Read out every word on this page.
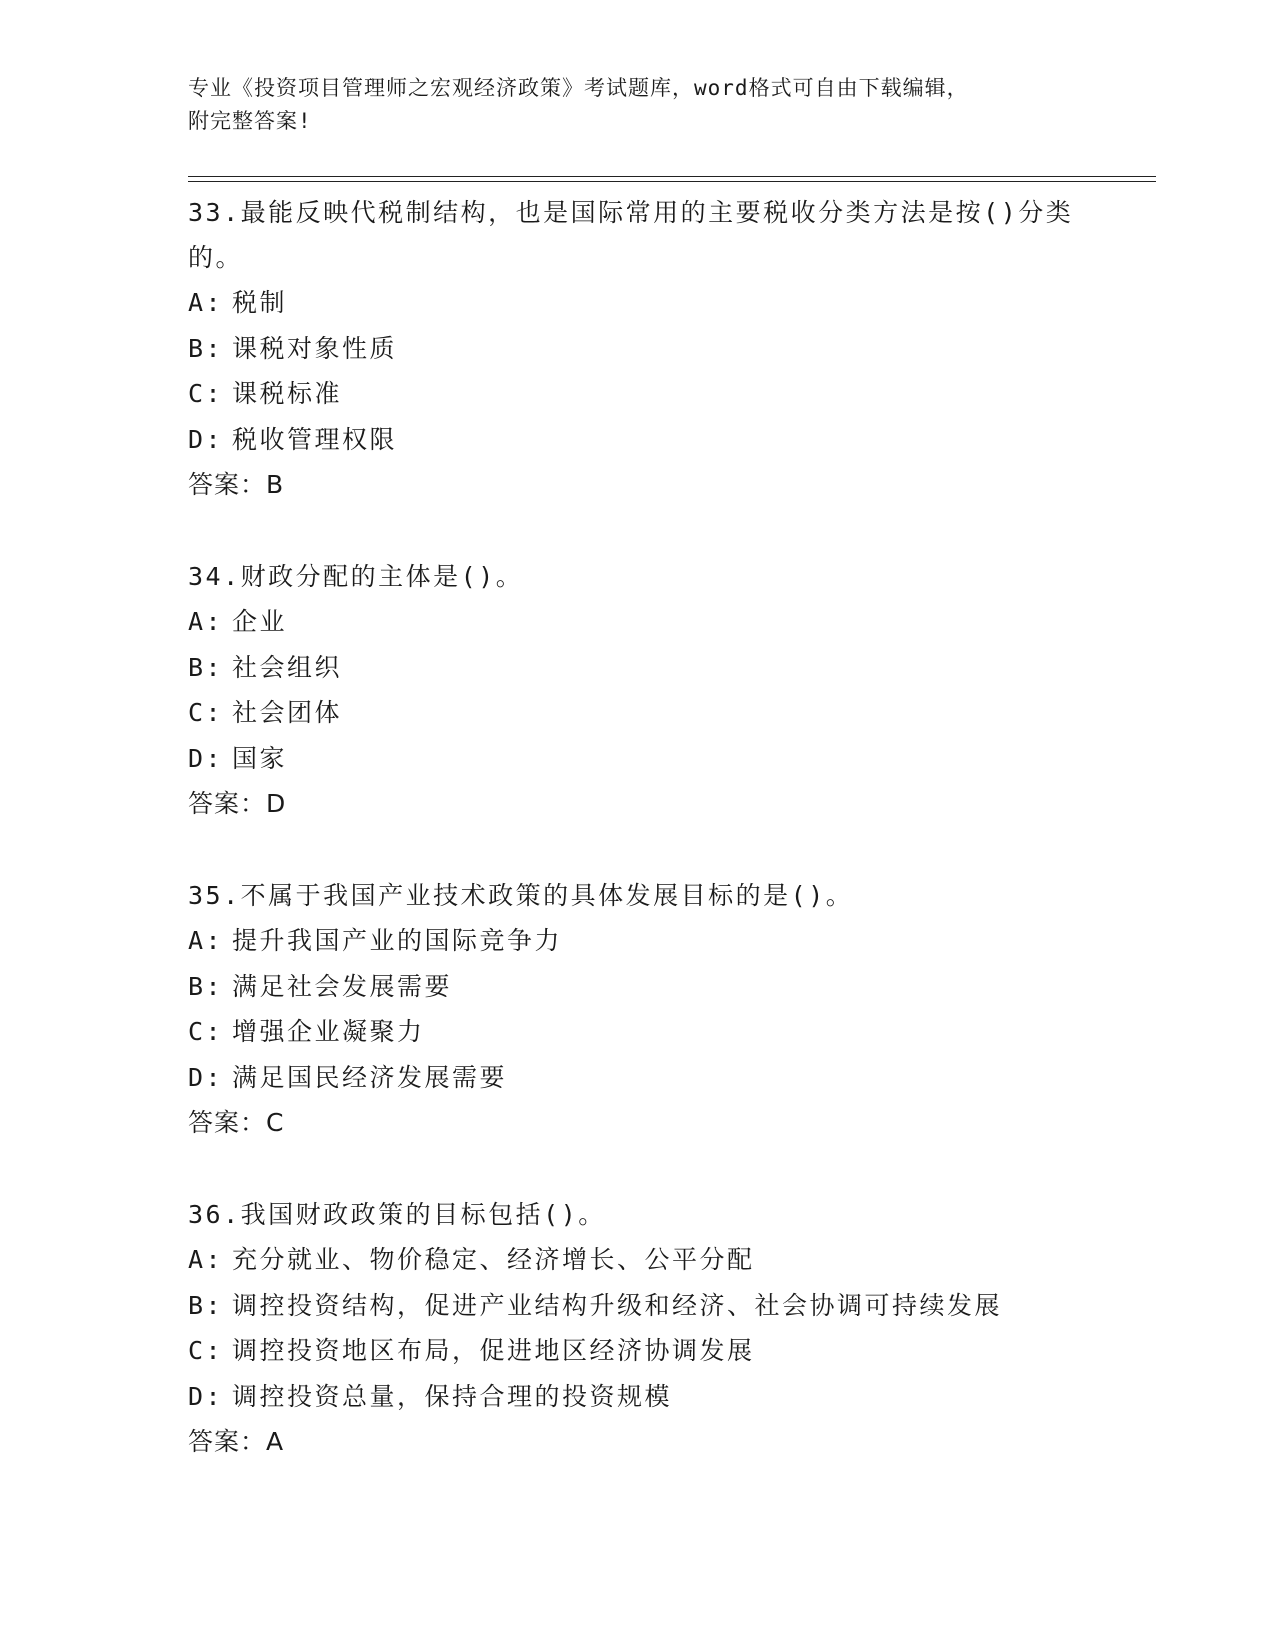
专业《投资项目管理师之宏观经济政策》考试题库，word格式可自由下载编辑，
附完整答案!

33.最能反映代税制结构，也是国际常用的主要税收分类方法是按()分类的。

A: 税制

B: 课税对象性质

C: 课税标准

D: 税收管理权限

答案：B

34.财政分配的主体是()。

A: 企业

B: 社会组织

C: 社会团体

D: 国家

答案：D

35.不属于我国产业技术政策的具体发展目标的是()。

A: 提升我国产业的国际竞争力

B: 满足社会发展需要

C: 增强企业凝聚力

D: 满足国民经济发展需要

答案：C

36.我国财政政策的目标包括()。

A: 充分就业、物价稳定、经济增长、公平分配

B: 调控投资结构，促进产业结构升级和经济、社会协调可持续发展

C: 调控投资地区布局，促进地区经济协调发展

D: 调控投资总量，保持合理的投资规模

答案：A
